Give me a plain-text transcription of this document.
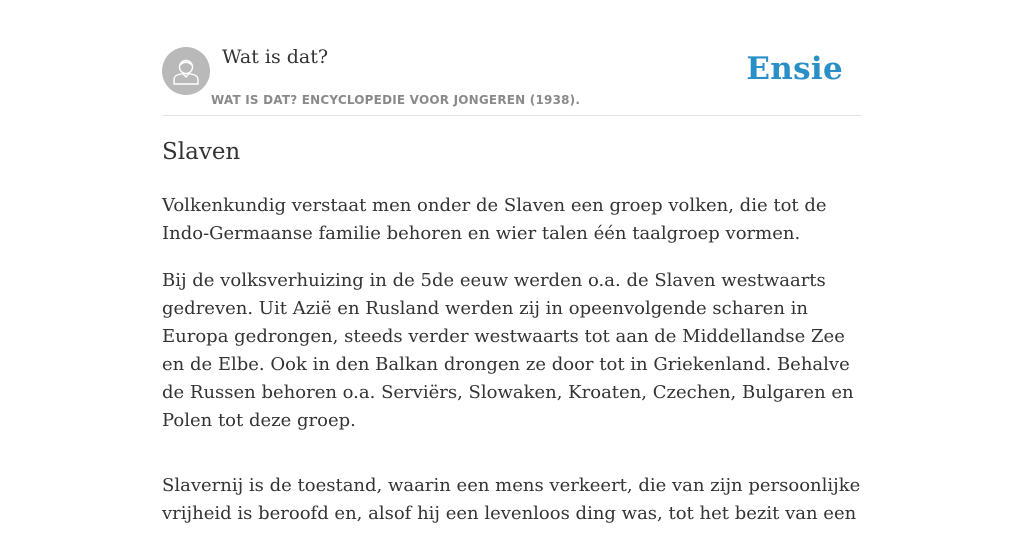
Wat is dat?
WAT IS DAT? ENCYCLOPEDIE VOOR JONGEREN (1938).
Ensie
Slaven

Volkenkundig verstaat men onder de Slaven een groep volken, die tot de Indo-Germaanse familie behoren en wier talen één taalgroep vormen.

Bij de volksverhuizing in de 5de eeuw werden o.a. de Slaven westwaarts gedreven. Uit Azië en Rusland werden zij in opeenvolgende scharen in Europa gedrongen, steeds verder westwaarts tot aan de Middellandse Zee en de Elbe. Ook in den Balkan drongen ze door tot in Griekenland. Behalve de Russen behoren o.a. Serviërs, Slowaken, Kroaten, Czechen, Bulgaren en Polen tot deze groep.

Slavernij is de toestand, waarin een mens verkeert, die van zijn persoonlijke vrijheid is beroofd en, alsof hij een levenloos ding was, tot het bezit van een
